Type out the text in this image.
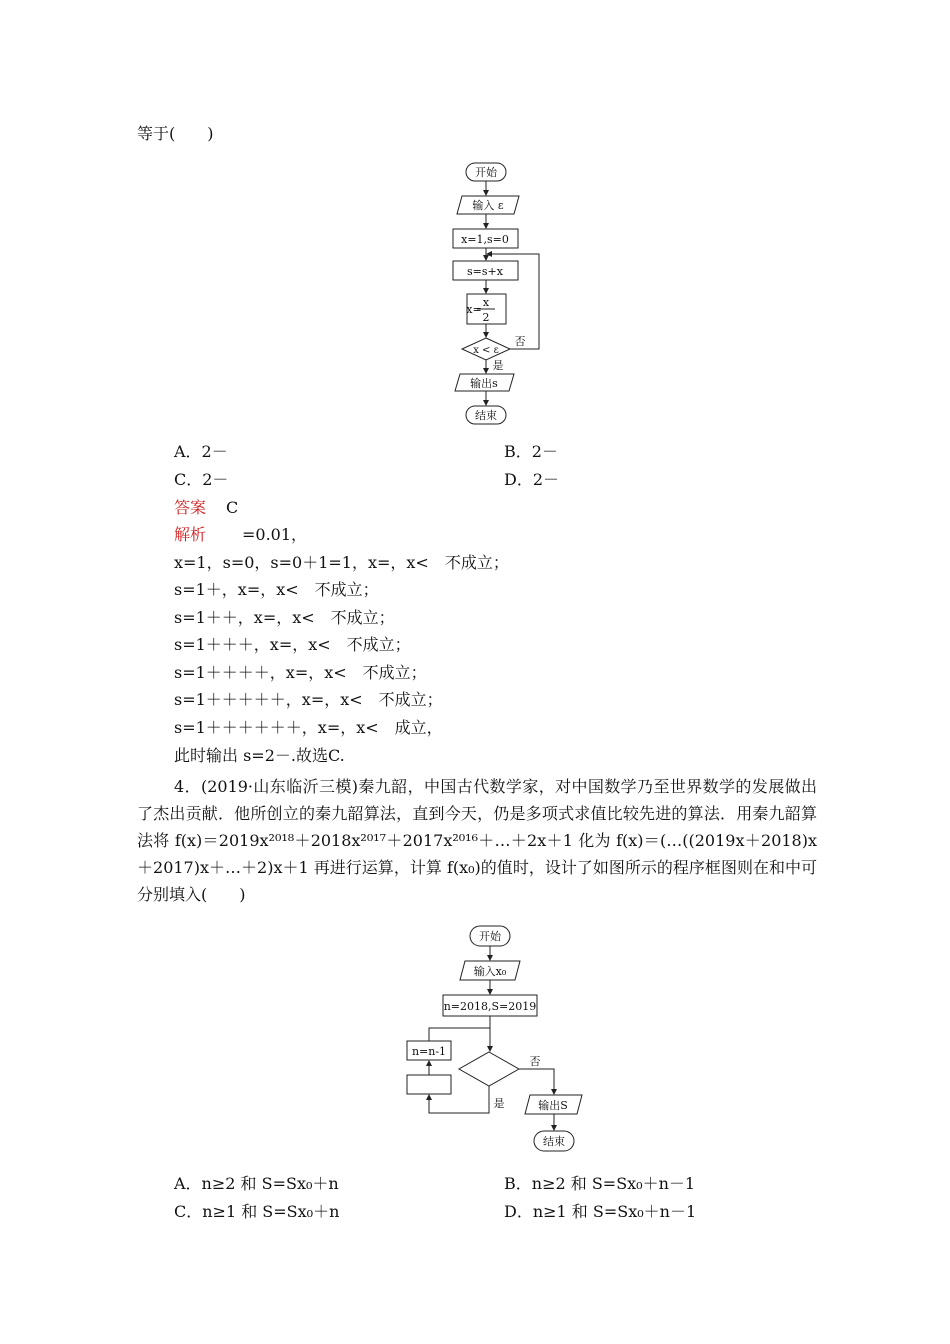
等于(　　)
开始
输入 ε
x=1,s=0
s=s+x
x
x=
2
x < ε
否
是
输出s
结束
A．2－	B．2－
C．2－	D．2－
答案 C
解析 　　=0.01，
x=1，s=0，s=0＋1=1，x=，x<　不成立；
s=1＋，x=，x<　不成立；
s=1＋＋，x=，x<　不成立；
s=1＋＋＋，x=，x<　不成立；
s=1＋＋＋＋，x=，x<　不成立；
s=1＋＋＋＋＋，x=，x<　不成立；
s=1＋＋＋＋＋＋，x=，x<　成立，
此时输出 s=2－.故选C.
4．(2019·山东临沂三模)秦九韶，中国古代数学家，对中国数学乃至世界数学的发展做出了杰出贡献．他所创立的秦九韶算法，直到今天，仍是多项式求值比较先进的算法．用秦九韶算法将 f(x)＝2019x²⁰¹⁸＋2018x²⁰¹⁷＋2017x²⁰¹⁶＋…＋2x＋1 化为 f(x)＝(…((2019x＋2018)x＋2017)x＋…＋2)x＋1 再进行运算，计算 f(x₀)的值时，设计了如图所示的程序框图则在和中可分别填入(　　)
开始
输入x₀
n=2018,S=2019
n=n-1
否
是	输出S
结束
A．n≥2 和 S=Sx₀＋n	B．n≥2 和 S=Sx₀＋n－1
C．n≥1 和 S=Sx₀＋n	D．n≥1 和 S=Sx₀＋n－1
